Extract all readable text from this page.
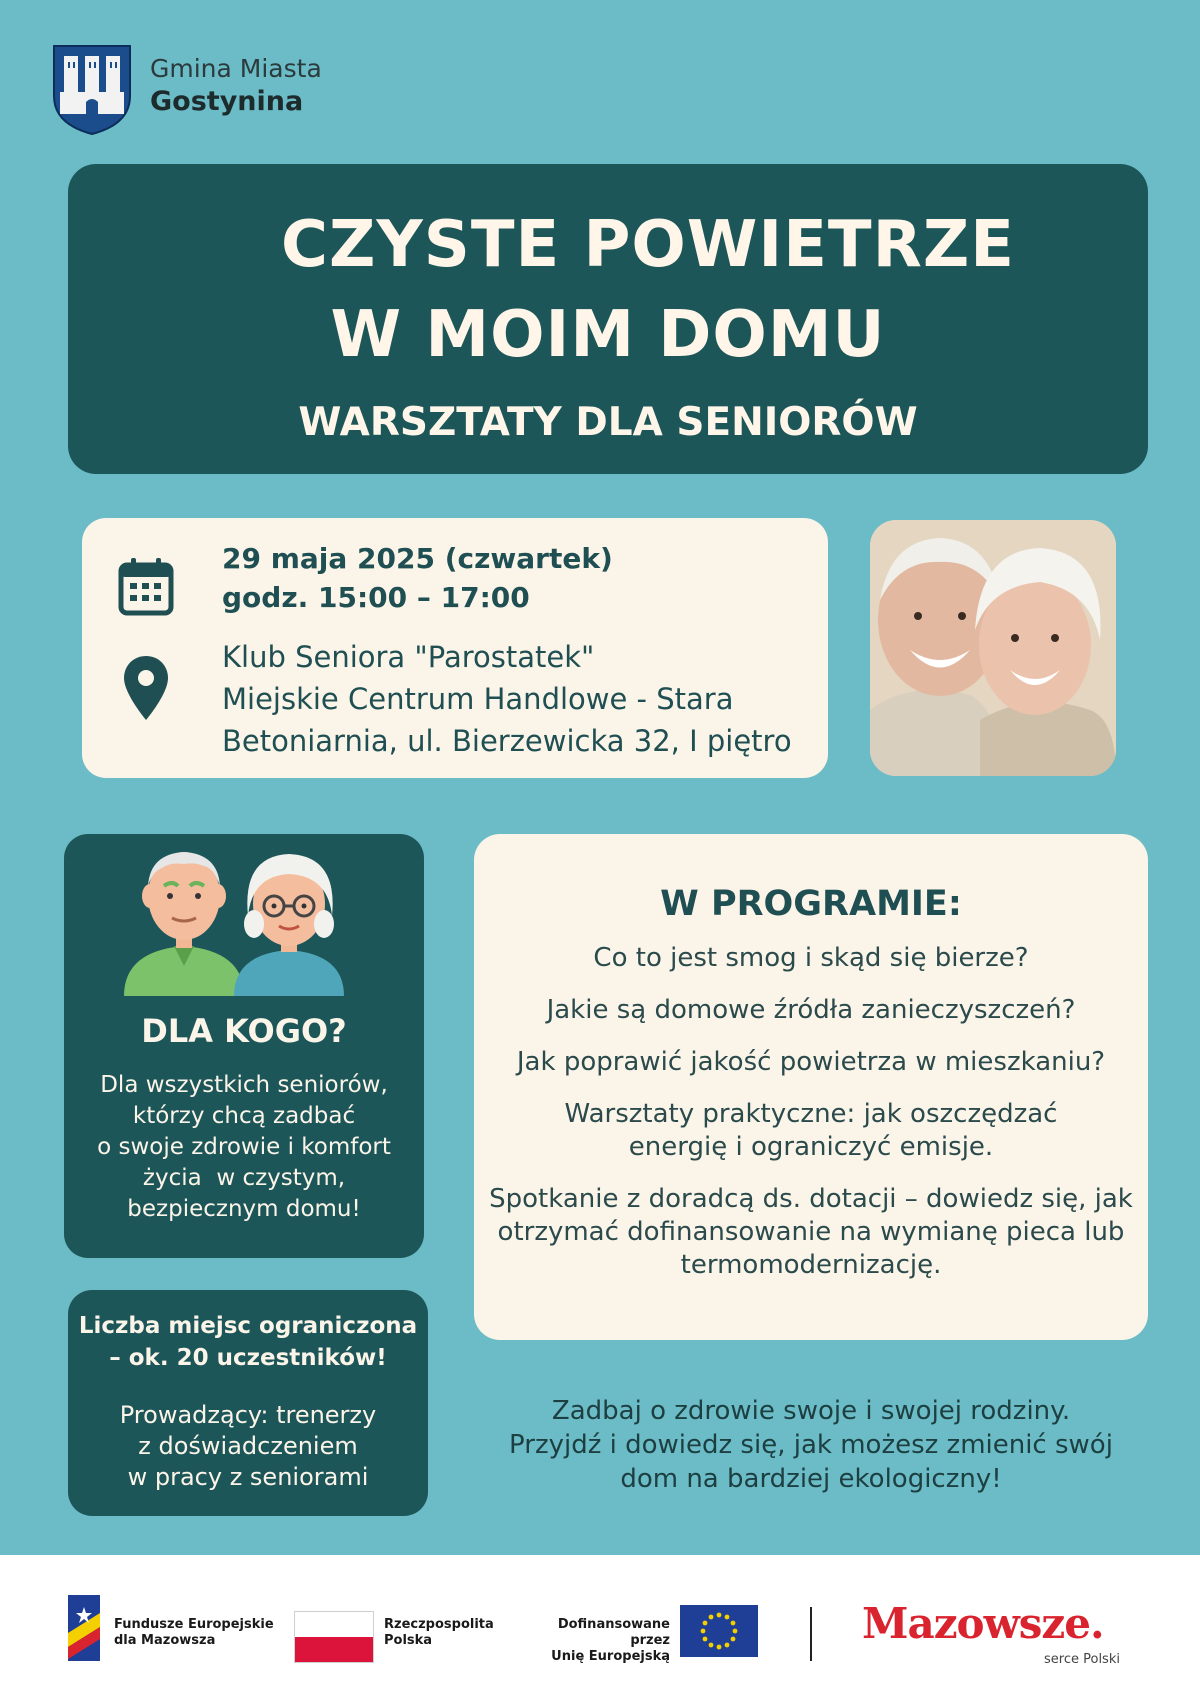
Gmina Miasta
Gostynina
CZYSTE POWIETRZE
W MOIM DOMU
WARSZTATY DLA SENIORÓW
29 maja 2025 (czwartek)
godz. 15:00 – 17:00
Klub Seniora "Parostatek"
Miejskie Centrum Handlowe - Stara
Betoniarnia, ul. Bierzewicka 32, I piętro
DLA KOGO?
Dla wszystkich seniorów,
którzy chcą zadbać
o swoje zdrowie i komfort
życia  w czystym,
bezpiecznym domu!
W PROGRAMIE:
Co to jest smog i skąd się bierze?
Jakie są domowe źródła zanieczyszczeń?
Jak poprawić jakość powietrza w mieszkaniu?
Warsztaty praktyczne: jak oszczędzać energię i ograniczyć emisje.
Spotkanie z doradcą ds. dotacji – dowiedz się, jak otrzymać dofinansowanie na wymianę pieca lub termomodernizację.
Liczba miejsc ograniczona
– ok. 20 uczestników!
Prowadzący: trenerzy
z doświadczeniem
w pracy z seniorami
Zadbaj o zdrowie swoje i swojej rodziny.
Przyjdź i dowiedz się, jak możesz zmienić swój
dom na bardziej ekologiczny!
Fundusze Europejskie
dla Mazowsza
Rzeczpospolita
Polska
Dofinansowane przez
Unię Europejską
Mazowsze.
serce Polski
